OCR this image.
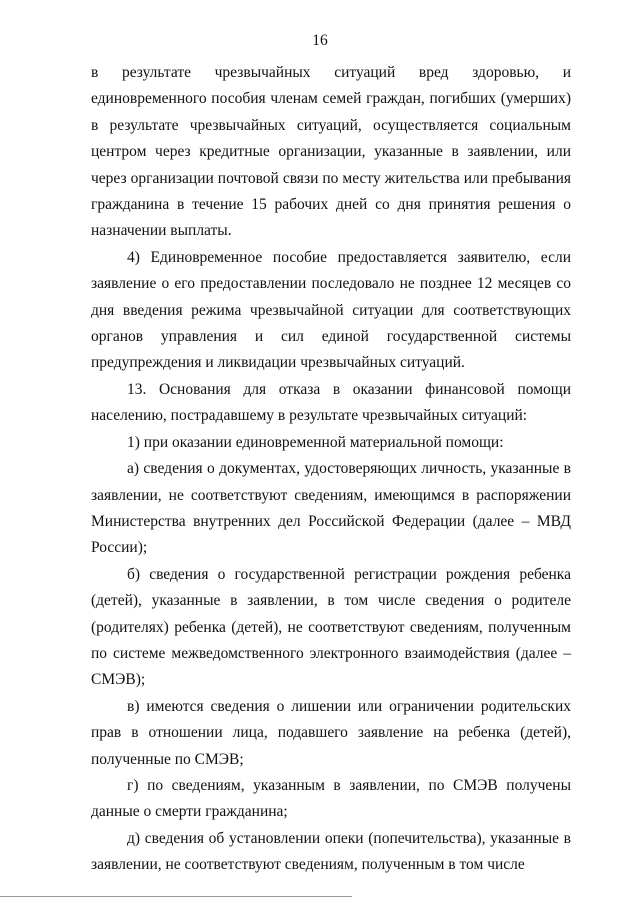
16

в результате чрезвычайных ситуаций вред здоровью, и единовременного пособия членам семей граждан, погибших (умерших) в результате чрезвычайных ситуаций, осуществляется социальным центром через кредитные организации, указанные в заявлении, или через организации почтовой связи по месту жительства или пребывания гражданина в течение 15 рабочих дней со дня принятия решения о назначении выплаты.

4) Единовременное пособие предоставляется заявителю, если заявление о его предоставлении последовало не позднее 12 месяцев со дня введения режима чрезвычайной ситуации для соответствующих органов управления и сил единой государственной системы предупреждения и ликвидации чрезвычайных ситуаций.

13. Основания для отказа в оказании финансовой помощи населению, пострадавшему в результате чрезвычайных ситуаций:

1) при оказании единовременной материальной помощи:

а) сведения о документах, удостоверяющих личность, указанные в заявлении, не соответствуют сведениям, имеющимся в распоряжении Министерства внутренних дел Российской Федерации (далее – МВД России);

б) сведения о государственной регистрации рождения ребенка (детей), указанные в заявлении, в том числе сведения о родителе (родителях) ребенка (детей), не соответствуют сведениям, полученным по системе межведомственного электронного взаимодействия (далее – СМЭВ);

в) имеются сведения о лишении или ограничении родительских прав в отношении лица, подавшего заявление на ребенка (детей), полученные по СМЭВ;

г) по сведениям, указанным в заявлении, по СМЭВ получены данные о смерти гражданина;

д) сведения об установлении опеки (попечительства), указанные в заявлении, не соответствуют сведениям, полученным в том числе
